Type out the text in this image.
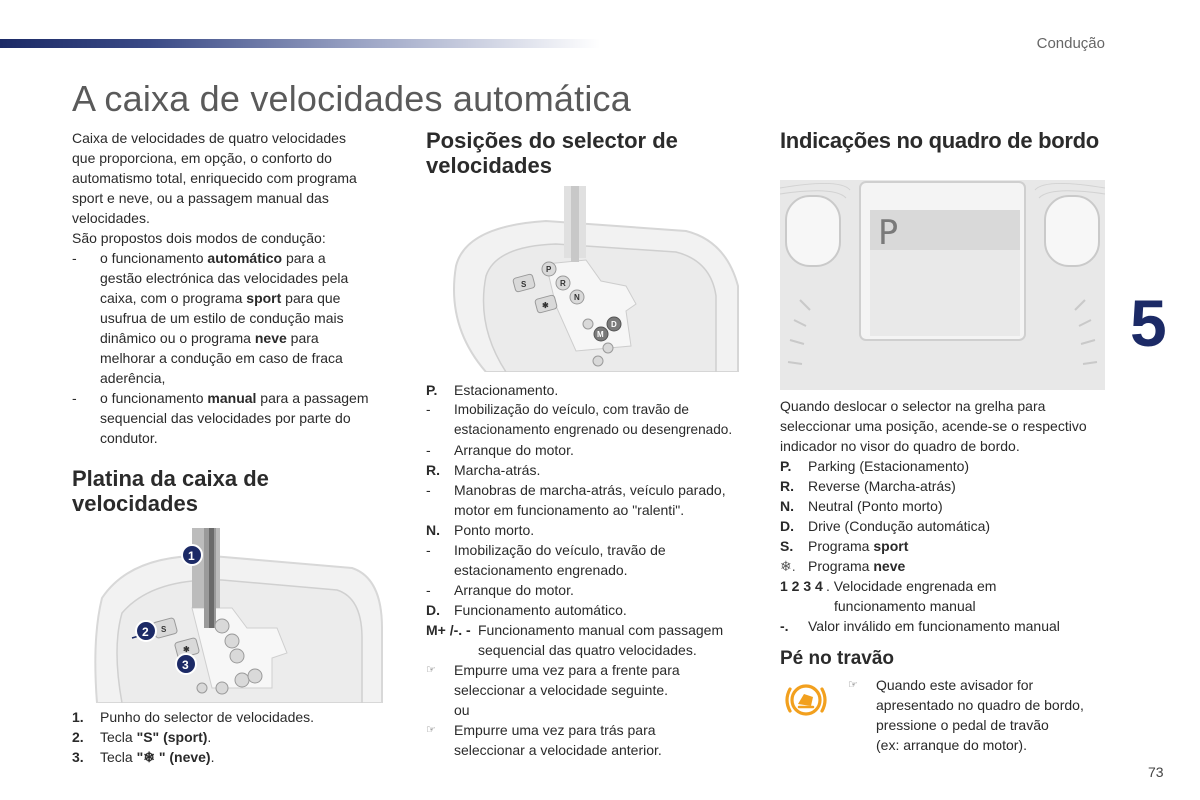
Condução
5
73
A caixa de velocidades automática

Caixa de velocidades de quatro velocidades

que proporciona, em opção, o conforto do

automatismo total, enriquecido com programa

sport e neve, ou a passagem manual das

velocidades.

São propostos dois modos de condução:

- o funcionamento automático para a

gestão electrónica das velocidades pela

caixa, com o programa sport para que

usufrua de um estilo de condução mais

dinâmico ou o programa neve para

melhorar a condução em caso de fraca

aderência,

- o funcionamento manual para a passagem

sequencial das velocidades por parte do

condutor.

Platina da caixa de
velocidades
S
✱
1
2
3
1. Punho do selector de velocidades.
2. Tecla "S" (sport).
3. Tecla "❄ " (neve).
Posições do selector de
velocidades
S
✱
P
R
N
D
M
P. Estacionamento.
- Imobilização do veículo, com travão de

estacionamento engrenado ou desengrenado.

- Arranque do motor.

R. Marcha-atrás.
- Manobras de marcha-atrás, veículo parado,

motor em funcionamento ao "ralenti".

N. Ponto morto.
- Imobilização do veículo, travão de

estacionamento engrenado.

- Arranque do motor.

D. Funcionamento automático.
M+ /-. - Funcionamento manual com passagem

sequencial das quatro velocidades.

☞ Empurre uma vez para a frente para

seleccionar a velocidade seguinte.

ou

☞ Empurre uma vez para trás para

seleccionar a velocidade anterior.

Indicações no quadro de bordo
P

Quando deslocar o selector na grelha para

seleccionar uma posição, acende-se o respectivo

indicador no visor do quadro de bordo.

P. Parking (Estacionamento)
R. Reverse (Marcha-atrás)
N. Neutral (Ponto morto)
D. Drive (Condução automática)
S. Programa sport
❄. Programa neve
1 2 3 4 . Velocidade engrenada em

funcionamento manual

-. Valor inválido em funcionamento manual
Pé no travão
☞ Quando este avisador for

apresentado no quadro de bordo,

pressione o pedal de travão

(ex: arranque do motor).
